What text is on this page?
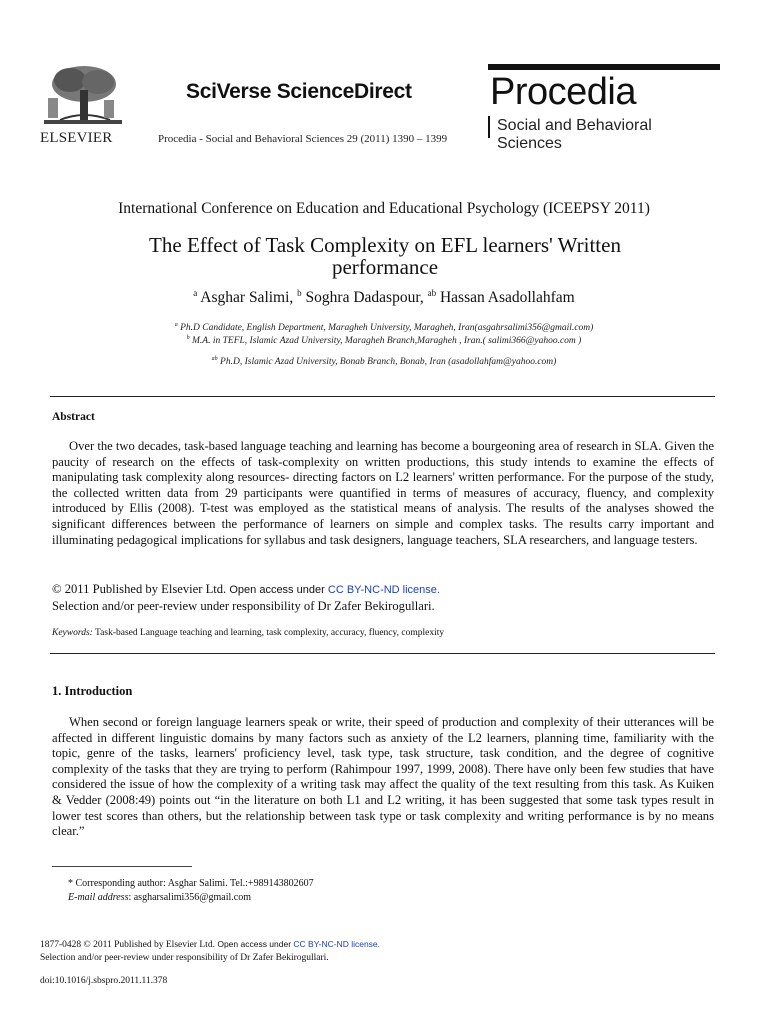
ELSEVIER
SciVerse ScienceDirect
Procedia - Social and Behavioral Sciences 29 (2011) 1390 – 1399
Procedia
Social and Behavioral Sciences
International Conference on Education and Educational Psychology (ICEEPSY 2011)
The Effect of Task Complexity on EFL learners' Written
performance
$^a$ Asghar Salimi, $^b$ Soghra Dadaspour, $^{ab}$ Hassan Asadollahfam
$^a$ Ph.D Candidate, English Department, Maragheh University, Maragheh, Iran(asgahrsalimi356@gmail.com)
$^b$ M.A. in TEFL, Islamic Azad University, Maragheh Branch,Maragheh , Iran.( salimi366@yahoo.com )
$^{ab}$ Ph.D, Islamic Azad University, Bonab Branch, Bonab, Iran (asadollahfam@yahoo.com)
Abstract
Over the two decades, task-based language teaching and learning has become a bourgeoning area of research in SLA. Given the paucity of research on the effects of task-complexity on written productions, this study intends to examine the effects of manipulating task complexity along resources- directing factors on L2 learners' written performance. For the purpose of the study, the collected written data from 29 participants were quantified in terms of measures of accuracy, fluency, and complexity introduced by Ellis (2008). T-test was employed as the statistical means of analysis. The results of the analyses showed the significant differences between the performance of learners on simple and complex tasks. The results carry important and illuminating pedagogical implications for syllabus and task designers, language teachers, SLA researchers, and language testers.
© 2011 Published by Elsevier Ltd. Open access under CC BY-NC-ND license.
Selection and/or peer-review under responsibility of Dr Zafer Bekirogullari.
Keywords: Task-based Language teaching and learning, task complexity, accuracy, fluency, complexity
1. Introduction
When second or foreign language learners speak or write, their speed of production and complexity of their utterances will be affected in different linguistic domains by many factors such as anxiety of the L2 learners, planning time, familiarity with the topic, genre of the tasks, learners' proficiency level, task type, task structure, task condition, and the degree of cognitive complexity of the tasks that they are trying to perform (Rahimpour 1997, 1999, 2008). There have only been few studies that have considered the issue of how the complexity of a writing task may affect the quality of the text resulting from this task. As Kuiken & Vedder (2008:49) points out “in the literature on both L1 and L2 writing, it has been suggested that some task types result in lower test scores than others, but the relationship between task type or task complexity and writing performance is by no means clear.”
* Corresponding author: Asghar Salimi. Tel.:+989143802607
E-mail address: asgharsalimi356@gmail.com
1877-0428 © 2011 Published by Elsevier Ltd. Open access under CC BY-NC-ND license.
Selection and/or peer-review under responsibility of Dr Zafer Bekirogullari.
doi:10.1016/j.sbspro.2011.11.378
